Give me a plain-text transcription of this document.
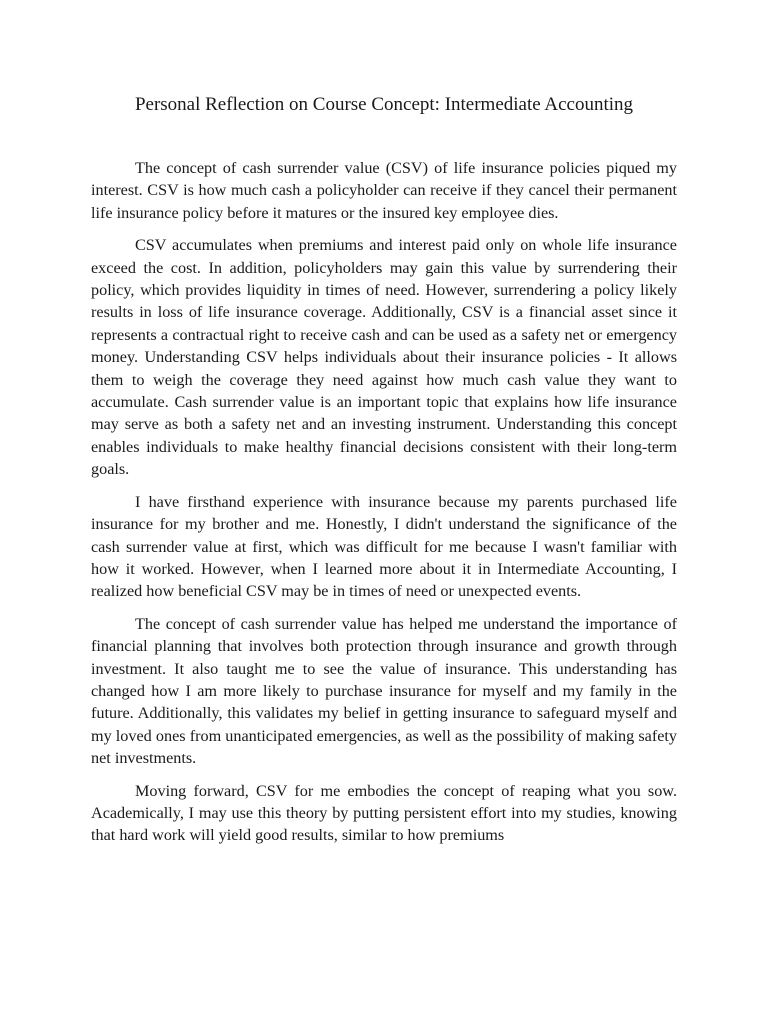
Personal Reflection on Course Concept: Intermediate Accounting

The concept of cash surrender value (CSV) of life insurance policies piqued my interest. CSV is how much cash a policyholder can receive if they cancel their permanent life insurance policy before it matures or the insured key employee dies.

CSV accumulates when premiums and interest paid only on whole life insurance exceed the cost. In addition, policyholders may gain this value by surrendering their policy, which provides liquidity in times of need. However, surrendering a policy likely results in loss of life insurance coverage. Additionally, CSV is a financial asset since it represents a contractual right to receive cash and can be used as a safety net or emergency money. Understanding CSV helps individuals about their insurance policies - It allows them to weigh the coverage they need against how much cash value they want to accumulate. Cash surrender value is an important topic that explains how life insurance may serve as both a safety net and an investing instrument. Understanding this concept enables individuals to make healthy financial decisions consistent with their long-term goals.

I have firsthand experience with insurance because my parents purchased life insurance for my brother and me. Honestly, I didn't understand the significance of the cash surrender value at first, which was difficult for me because I wasn't familiar with how it worked. However, when I learned more about it in Intermediate Accounting, I realized how beneficial CSV may be in times of need or unexpected events.

The concept of cash surrender value has helped me understand the importance of financial planning that involves both protection through insurance and growth through investment. It also taught me to see the value of insurance. This understanding has changed how I am more likely to purchase insurance for myself and my family in the future. Additionally, this validates my belief in getting insurance to safeguard myself and my loved ones from unanticipated emergencies, as well as the possibility of making safety net investments.

Moving forward, CSV for me embodies the concept of reaping what you sow. Academically, I may use this theory by putting persistent effort into my studies, knowing that hard work will yield good results, similar to how premiums
